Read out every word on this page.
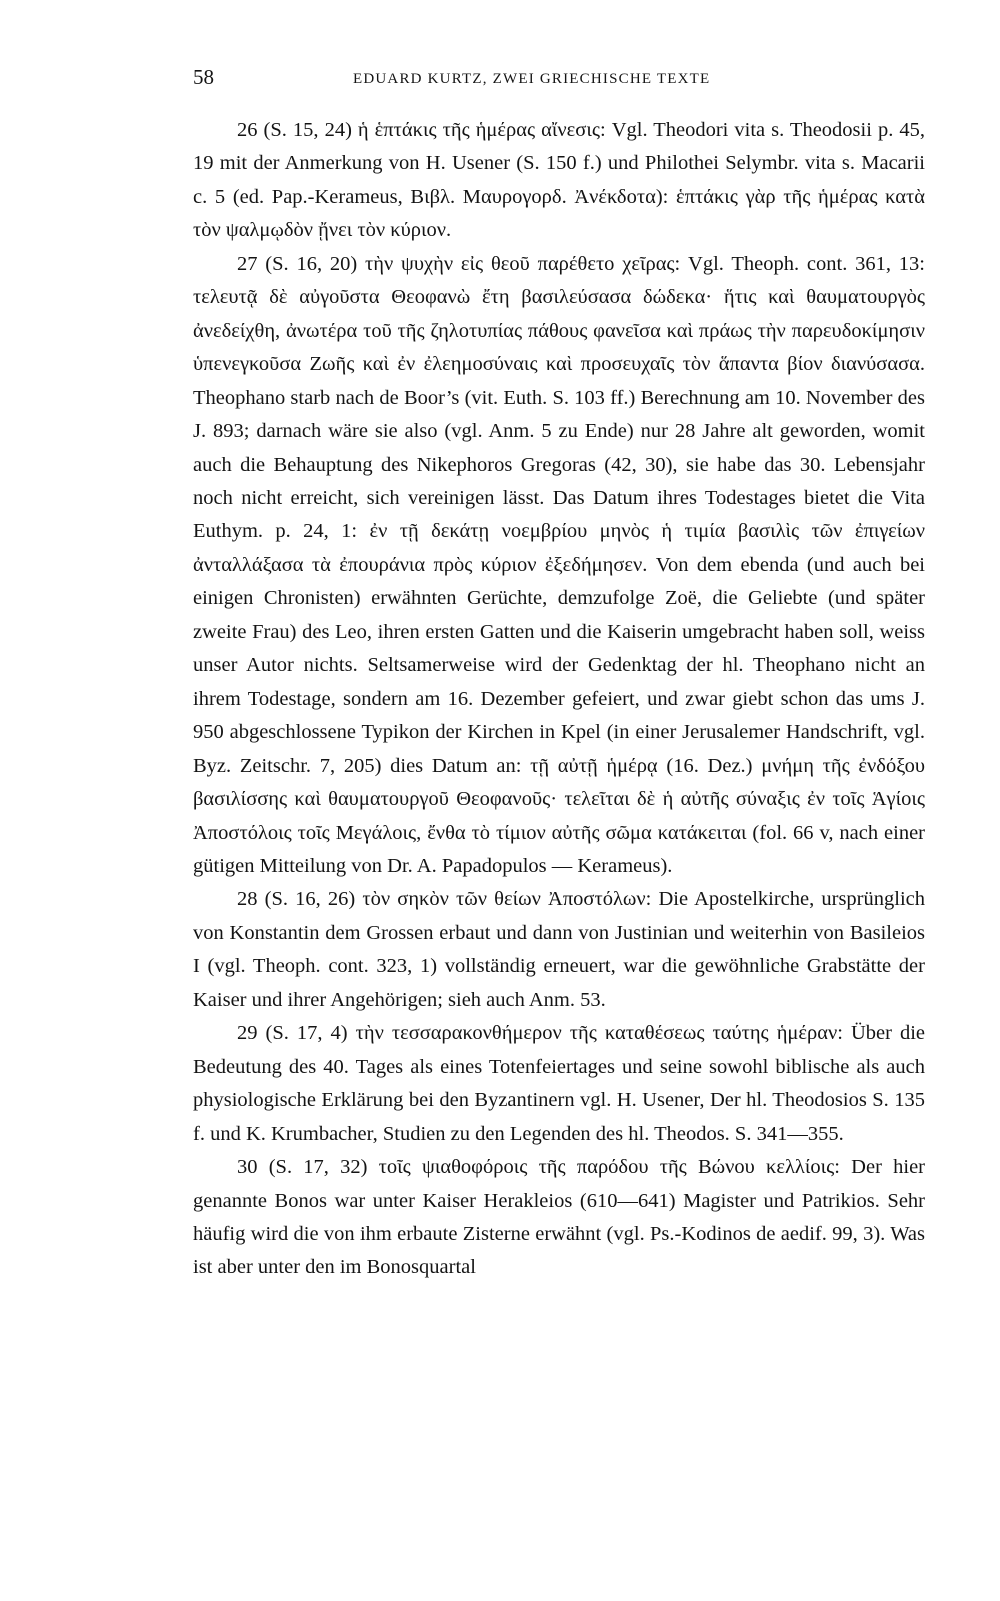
58	EDUARD KURTZ, ZWEI GRIECHISCHE TEXTE

26 (S. 15, 24) ἡ ἑπτάκις τῆς ἡμέρας αἴνεσις: Vgl. Theodori vita s. Theodosii p. 45, 19 mit der Anmerkung von H. Usener (S. 150 f.) und Philothei Selymbr. vita s. Macarii c. 5 (ed. Pap.-Kerameus, Βιβλ. Μαυρογορδ. Ἀνέκδοτα): ἑπτάκις γὰρ τῆς ἡμέρας κατὰ τὸν ψαλμῳδὸν ᾔνει τὸν κύριον.

27 (S. 16, 20) τὴν ψυχὴν εἰς θεοῦ παρέθετο χεῖρας: Vgl. Theoph. cont. 361, 13: τελευτᾷ δὲ αὐγοῦστα Θεοφανὼ ἔτη βασιλεύσασα δώδεκα· ἥτις καὶ θαυματουργὸς ἀνεδείχθη, ἀνωτέρα τοῦ τῆς ζηλοτυπίας πάθους φανεῖσα καὶ πράως τὴν παρευδοκίμησιν ὑπενεγκοῦσα Ζωῆς καὶ ἐν ἐλεημοσύναις καὶ προσευχαῖς τὸν ἅπαντα βίον διανύσασα. Theophano starb nach de Boor’s (vit. Euth. S. 103 ff.) Berechnung am 10. November des J. 893; darnach wäre sie also (vgl. Anm. 5 zu Ende) nur 28 Jahre alt geworden, womit auch die Behauptung des Nikephoros Gregoras (42, 30), sie habe das 30. Lebensjahr noch nicht erreicht, sich vereinigen lässt. Das Datum ihres Todestages bietet die Vita Euthym. p. 24, 1: ἐν τῇ δεκάτῃ νοεμβρίου μηνὸς ἡ τιμία βασιλὶς τῶν ἐπιγείων ἀνταλλάξασα τὰ ἐπουράνια πρὸς κύριον ἐξεδήμησεν. Von dem ebenda (und auch bei einigen Chronisten) erwähnten Gerüchte, demzufolge Zoë, die Geliebte (und später zweite Frau) des Leo, ihren ersten Gatten und die Kaiserin umgebracht haben soll, weiss unser Autor nichts. Seltsamerweise wird der Gedenktag der hl. Theophano nicht an ihrem Todestage, sondern am 16. Dezember gefeiert, und zwar giebt schon das ums J. 950 abgeschlossene Typikon der Kirchen in Kpel (in einer Jerusalemer Handschrift, vgl. Byz. Zeitschr. 7, 205) dies Datum an: τῇ αὐτῇ ἡμέρᾳ (16. Dez.) μνήμη τῆς ἐνδόξου βασιλίσσης καὶ θαυματουργοῦ Θεοφανοῦς· τελεῖται δὲ ἡ αὐτῆς σύναξις ἐν τοῖς Ἁγίοις Ἀποστόλοις τοῖς Μεγάλοις, ἔνθα τὸ τίμιον αὐτῆς σῶμα κατάκειται (fol. 66 v, nach einer gütigen Mitteilung von Dr. A. Papadopulos — Kerameus).

28 (S. 16, 26) τὸν σηκὸν τῶν θείων Ἀποστόλων: Die Apostelkirche, ursprünglich von Konstantin dem Grossen erbaut und dann von Justinian und weiterhin von Basileios I (vgl. Theoph. cont. 323, 1) vollständig erneuert, war die gewöhnliche Grabstätte der Kaiser und ihrer Angehörigen; sieh auch Anm. 53.

29 (S. 17, 4) τὴν τεσσαρακονθήμερον τῆς καταθέσεως ταύτης ἡμέραν: Über die Bedeutung des 40. Tages als eines Totenfeiertages und seine sowohl biblische als auch physiologische Erklärung bei den Byzantinern vgl. H. Usener, Der hl. Theodosios S. 135 f. und K. Krumbacher, Studien zu den Legenden des hl. Theodos. S. 341—355.

30 (S. 17, 32) τοῖς ψιαθοφόροις τῆς παρόδου τῆς Βώνου κελλίοις: Der hier genannte Bonos war unter Kaiser Herakleios (610—641) Magister und Patrikios. Sehr häufig wird die von ihm erbaute Zisterne erwähnt (vgl. Ps.-Kodinos de aedif. 99, 3). Was ist aber unter den im Bonosquartal
